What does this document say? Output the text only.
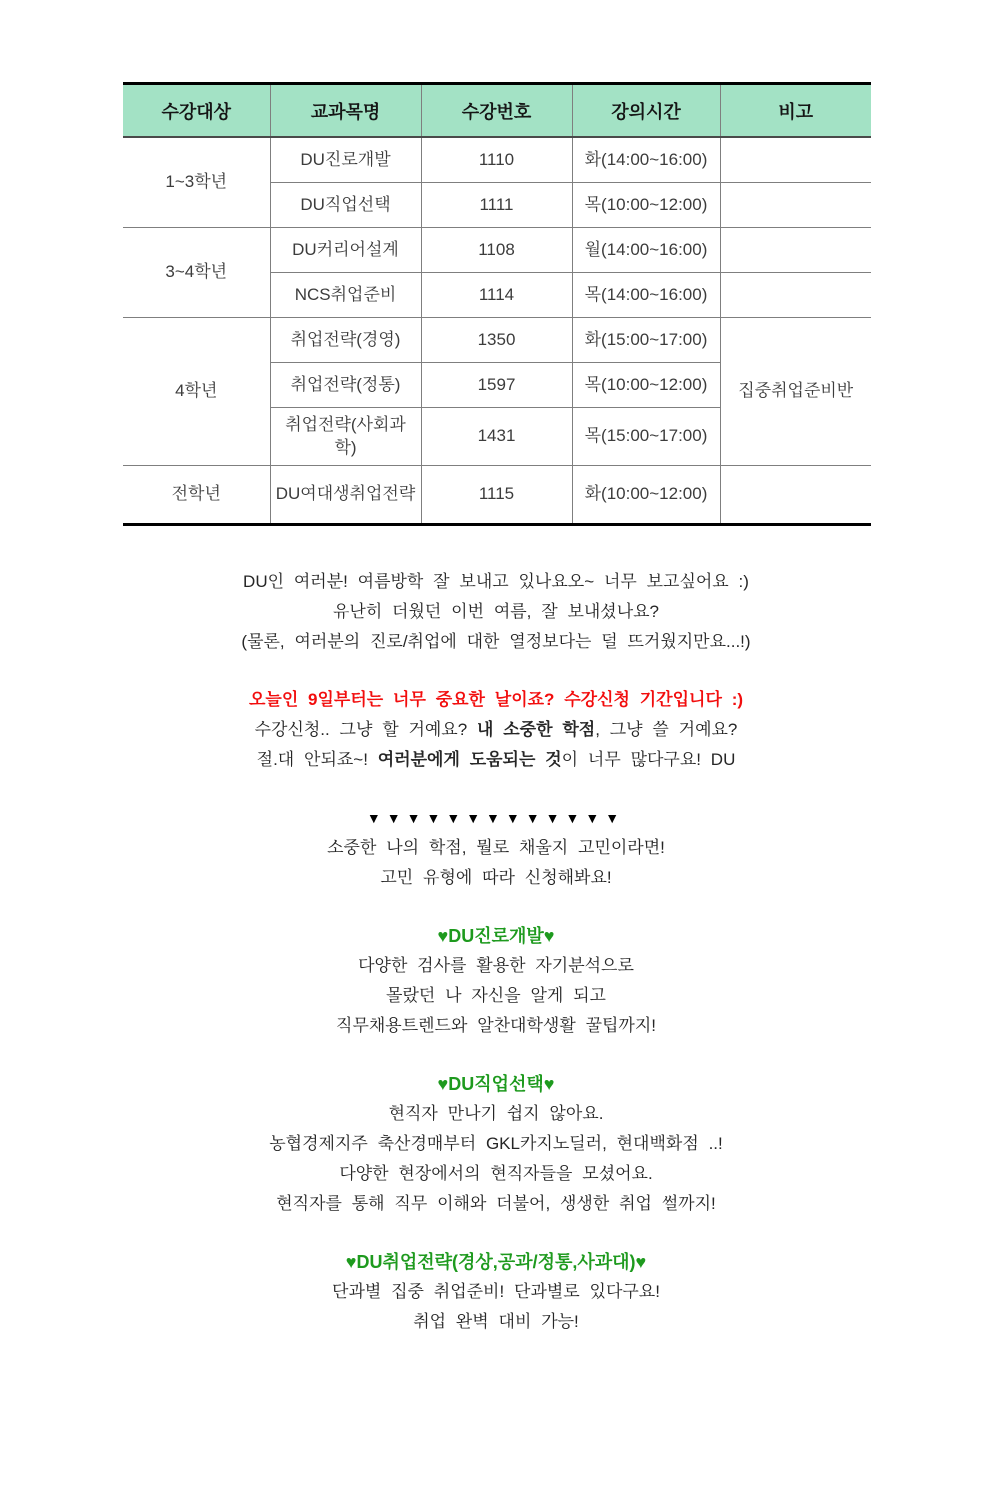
수강대상	교과목명	수강번호	강의시간	비고
1~3학년	DU진로개발	1110	화(14:00~16:00)	
	DU직업선택	1111	목(10:00~12:00)	
3~4학년	DU커리어설계	1108	월(14:00~16:00)	
	NCS취업준비	1114	목(14:00~16:00)	
4학년	취업전략(경영)	1350	화(15:00~17:00)	집중취업준비반
	취업전략(정통)	1597	목(10:00~12:00)	
	취업전략(사회과학)	1431	목(15:00~17:00)	
전학년	DU여대생취업전략	1115	화(10:00~12:00)	
DU인 여러분! 여름방학 잘 보내고 있나요오~ 너무 보고싶어요 :)
유난히 더웠던 이번 여름, 잘 보내셨나요?
(물론, 여러분의 진로/취업에 대한 열정보다는 덜 뜨거웠지만요...!)
오늘인 9일부터는 너무 중요한 날이죠? 수강신청 기간입니다 :)
수강신청.. 그냥 할 거예요? 내 소중한 학점, 그냥 쓸 거예요?
절.대 안되죠~! 여러분에게 도움되는 것이 너무 많다구요! DU
▼▼▼▼▼▼▼▼▼▼▼▼▼
소중한 나의 학점, 뭘로 채울지 고민이라면!
고민 유형에 따라 신청해봐요!
♥DU진로개발♥
다양한 검사를 활용한 자기분석으로
몰랐던 나 자신을 알게 되고
직무채용트렌드와 알찬대학생활 꿀팁까지!
♥DU직업선택♥
현직자 만나기 쉽지 않아요.
농협경제지주 축산경매부터 GKL카지노딜러, 현대백화점 ..!
다양한 현장에서의 현직자들을 모셨어요.
현직자를 통해 직무 이해와 더불어, 생생한 취업 썰까지!
♥DU취업전략(경상,공과/정통,사과대)♥
단과별 집중 취업준비! 단과별로 있다구요!
취업 완벽 대비 가능!
